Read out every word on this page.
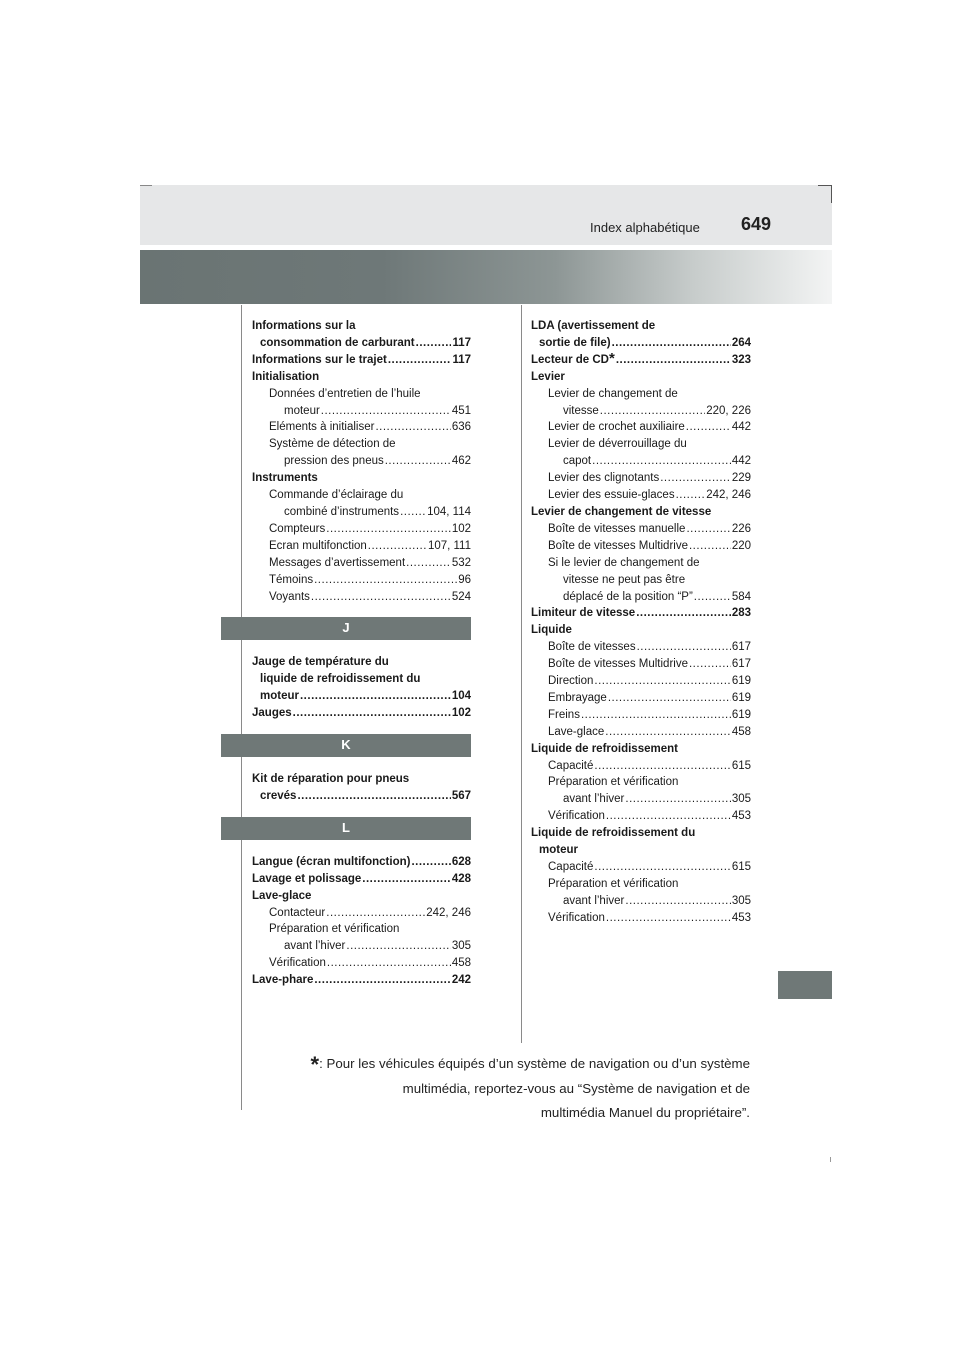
Index alphabétique 649
Informations sur la
consommation de carburant .....	117
Informations sur le trajet .....	117
Initialisation
Données d’entretien de l’huile
moteur .....	451
Eléments à initialiser .....	636
Système de détection de
pression des pneus .....	462
Instruments
Commande d’éclairage du
combiné d’instruments ..... 104, 114
Compteurs .....	102
Ecran multifonction .....	107, 111
Messages d’avertissement .....	532
Témoins .....	96
Voyants .....	524
J
Jauge de température du
liquide de refroidissement du
moteur .....	104
Jauges .....	102
K
Kit de réparation pour pneus
crevés .....	567
L
Langue (écran multifonction) .....	628
Lavage et polissage .....	428
Lave-glace
Contacteur .....	242, 246
Préparation et vérification
avant l’hiver .....	305
Vérification .....	458
Lave-phare .....	242
LDA (avertissement de
sortie de file) .....	264
Lecteur de CD * .....	323
Levier
Levier de changement de
vitesse .....	220, 226
Levier de crochet auxiliaire .....	442
Levier de déverrouillage du
capot .....	442
Levier des clignotants .....	229
Levier des essuie-glaces .....	242, 246
Levier de changement de vitesse
Boîte de vitesses manuelle .....	226
Boîte de vitesses Multidrive .....	220
Si le levier de changement de
vitesse ne peut pas être
déplacé de la position “P” .....	584
Limiteur de vitesse .....	283
Liquide
Boîte de vitesses .....	617
Boîte de vitesses Multidrive .....	617
Direction .....	619
Embrayage .....	619
Freins .....	619
Lave-glace .....	458
Liquide de refroidissement
Capacité .....	615
Préparation et vérification
avant l’hiver .....	305
Vérification .....	453
Liquide de refroidissement du
moteur
Capacité .....	615
Préparation et vérification
avant l’hiver .....	305
Vérification .....	453
*: Pour les véhicules équipés d’un système de navigation ou d’un système
multimédia, reportez-vous au “Système de navigation et de
multimédia Manuel du propriétaire”.
